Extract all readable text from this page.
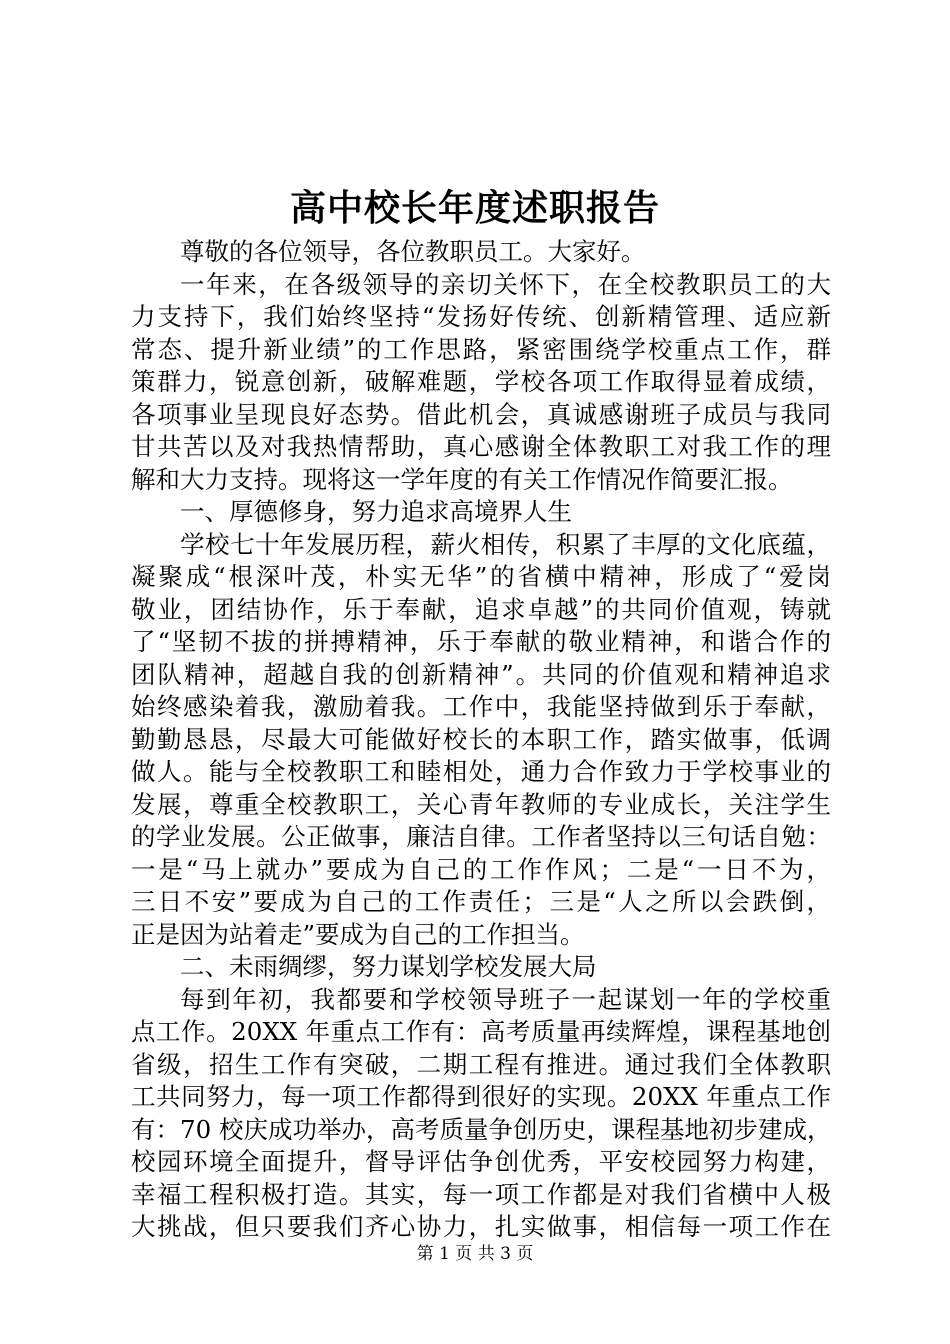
高中校长年度述职报告
尊敬的各位领导，各位教职员工。大家好。
一年来，在各级领导的亲切关怀下，在全校教职员工的大
力支持下，我们始终坚持“发扬好传统、创新精管理、适应新
常态、提升新业绩”的工作思路，紧密围绕学校重点工作，群
策群力，锐意创新，破解难题，学校各项工作取得显着成绩，
各项事业呈现良好态势。借此机会，真诚感谢班子成员与我同
甘共苦以及对我热情帮助，真心感谢全体教职工对我工作的理
解和大力支持。现将这一学年度的有关工作情况作简要汇报。
一、厚德修身，努力追求高境界人生
学校七十年发展历程，薪火相传，积累了丰厚的文化底蕴，
凝聚成“根深叶茂，朴实无华”的省横中精神，形成了“爱岗
敬业，团结协作，乐于奉献，追求卓越”的共同价值观，铸就
了“坚韧不拔的拼搏精神，乐于奉献的敬业精神，和谐合作的
团队精神，超越自我的创新精神”。共同的价值观和精神追求
始终感染着我，激励着我。工作中，我能坚持做到乐于奉献，
勤勤恳恳，尽最大可能做好校长的本职工作，踏实做事，低调
做人。能与全校教职工和睦相处，通力合作致力于学校事业的
发展，尊重全校教职工，关心青年教师的专业成长，关注学生
的学业发展。公正做事，廉洁自律。工作者坚持以三句话自勉：
一是“马上就办”要成为自己的工作作风；二是“一日不为，
三日不安”要成为自己的工作责任；三是“人之所以会跌倒，
正是因为站着走”要成为自己的工作担当。
二、未雨绸缪，努力谋划学校发展大局
每到年初，我都要和学校领导班子一起谋划一年的学校重
点工作。20XX 年重点工作有：高考质量再续辉煌，课程基地创
省级，招生工作有突破，二期工程有推进。通过我们全体教职
工共同努力，每一项工作都得到很好的实现。20XX 年重点工作
有：70 校庆成功举办，高考质量争创历史，课程基地初步建成，
校园环境全面提升，督导评估争创优秀，平安校园努力构建，
幸福工程积极打造。其实，每一项工作都是对我们省横中人极
大挑战，但只要我们齐心协力，扎实做事，相信每一项工作在
第 1 页 共 3 页
